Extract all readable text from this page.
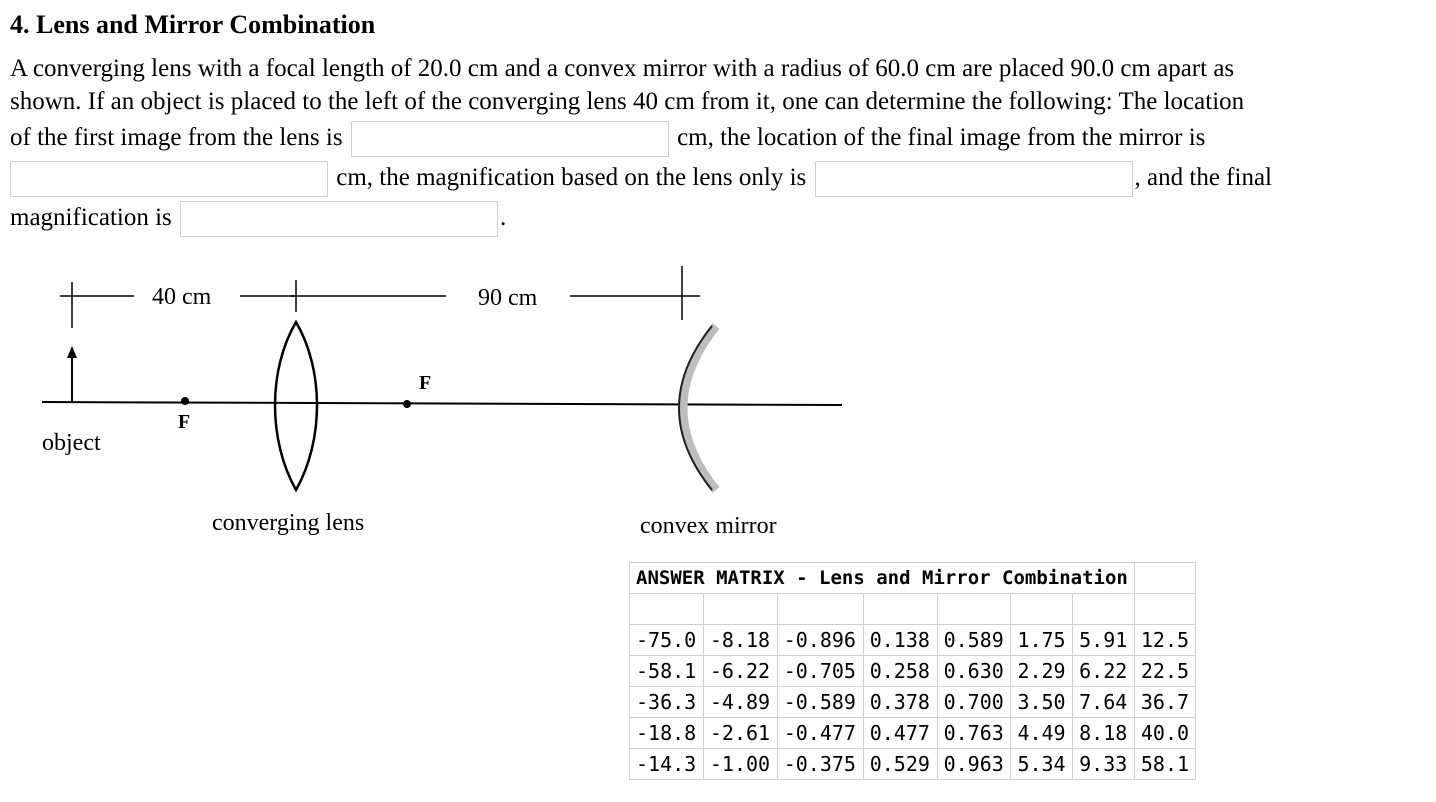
4. Lens and Mirror Combination
A converging lens with a focal length of 20.0 cm and a convex mirror with a radius of 60.0 cm are placed 90.0 cm apart as
shown. If an object is placed to the left of the converging lens 40 cm from it, one can determine the following: The location
of the first image from the lens is	cm, the location of the final image from the mirror is
cm, the magnification based on the lens only is	, and the final
magnification is	.
40 cm	90 cm
F
F
object
converging lens	convex mirror
ANSWER MATRIX - Lens and Mirror Combination							

-75.0	-8.18	-0.896	0.138	0.589	1.75	5.91	12.5
-58.1	-6.22	-0.705	0.258	0.630	2.29	6.22	22.5
-36.3	-4.89	-0.589	0.378	0.700	3.50	7.64	36.7
-18.8	-2.61	-0.477	0.477	0.763	4.49	8.18	40.0
-14.3	-1.00	-0.375	0.529	0.963	5.34	9.33	58.1
